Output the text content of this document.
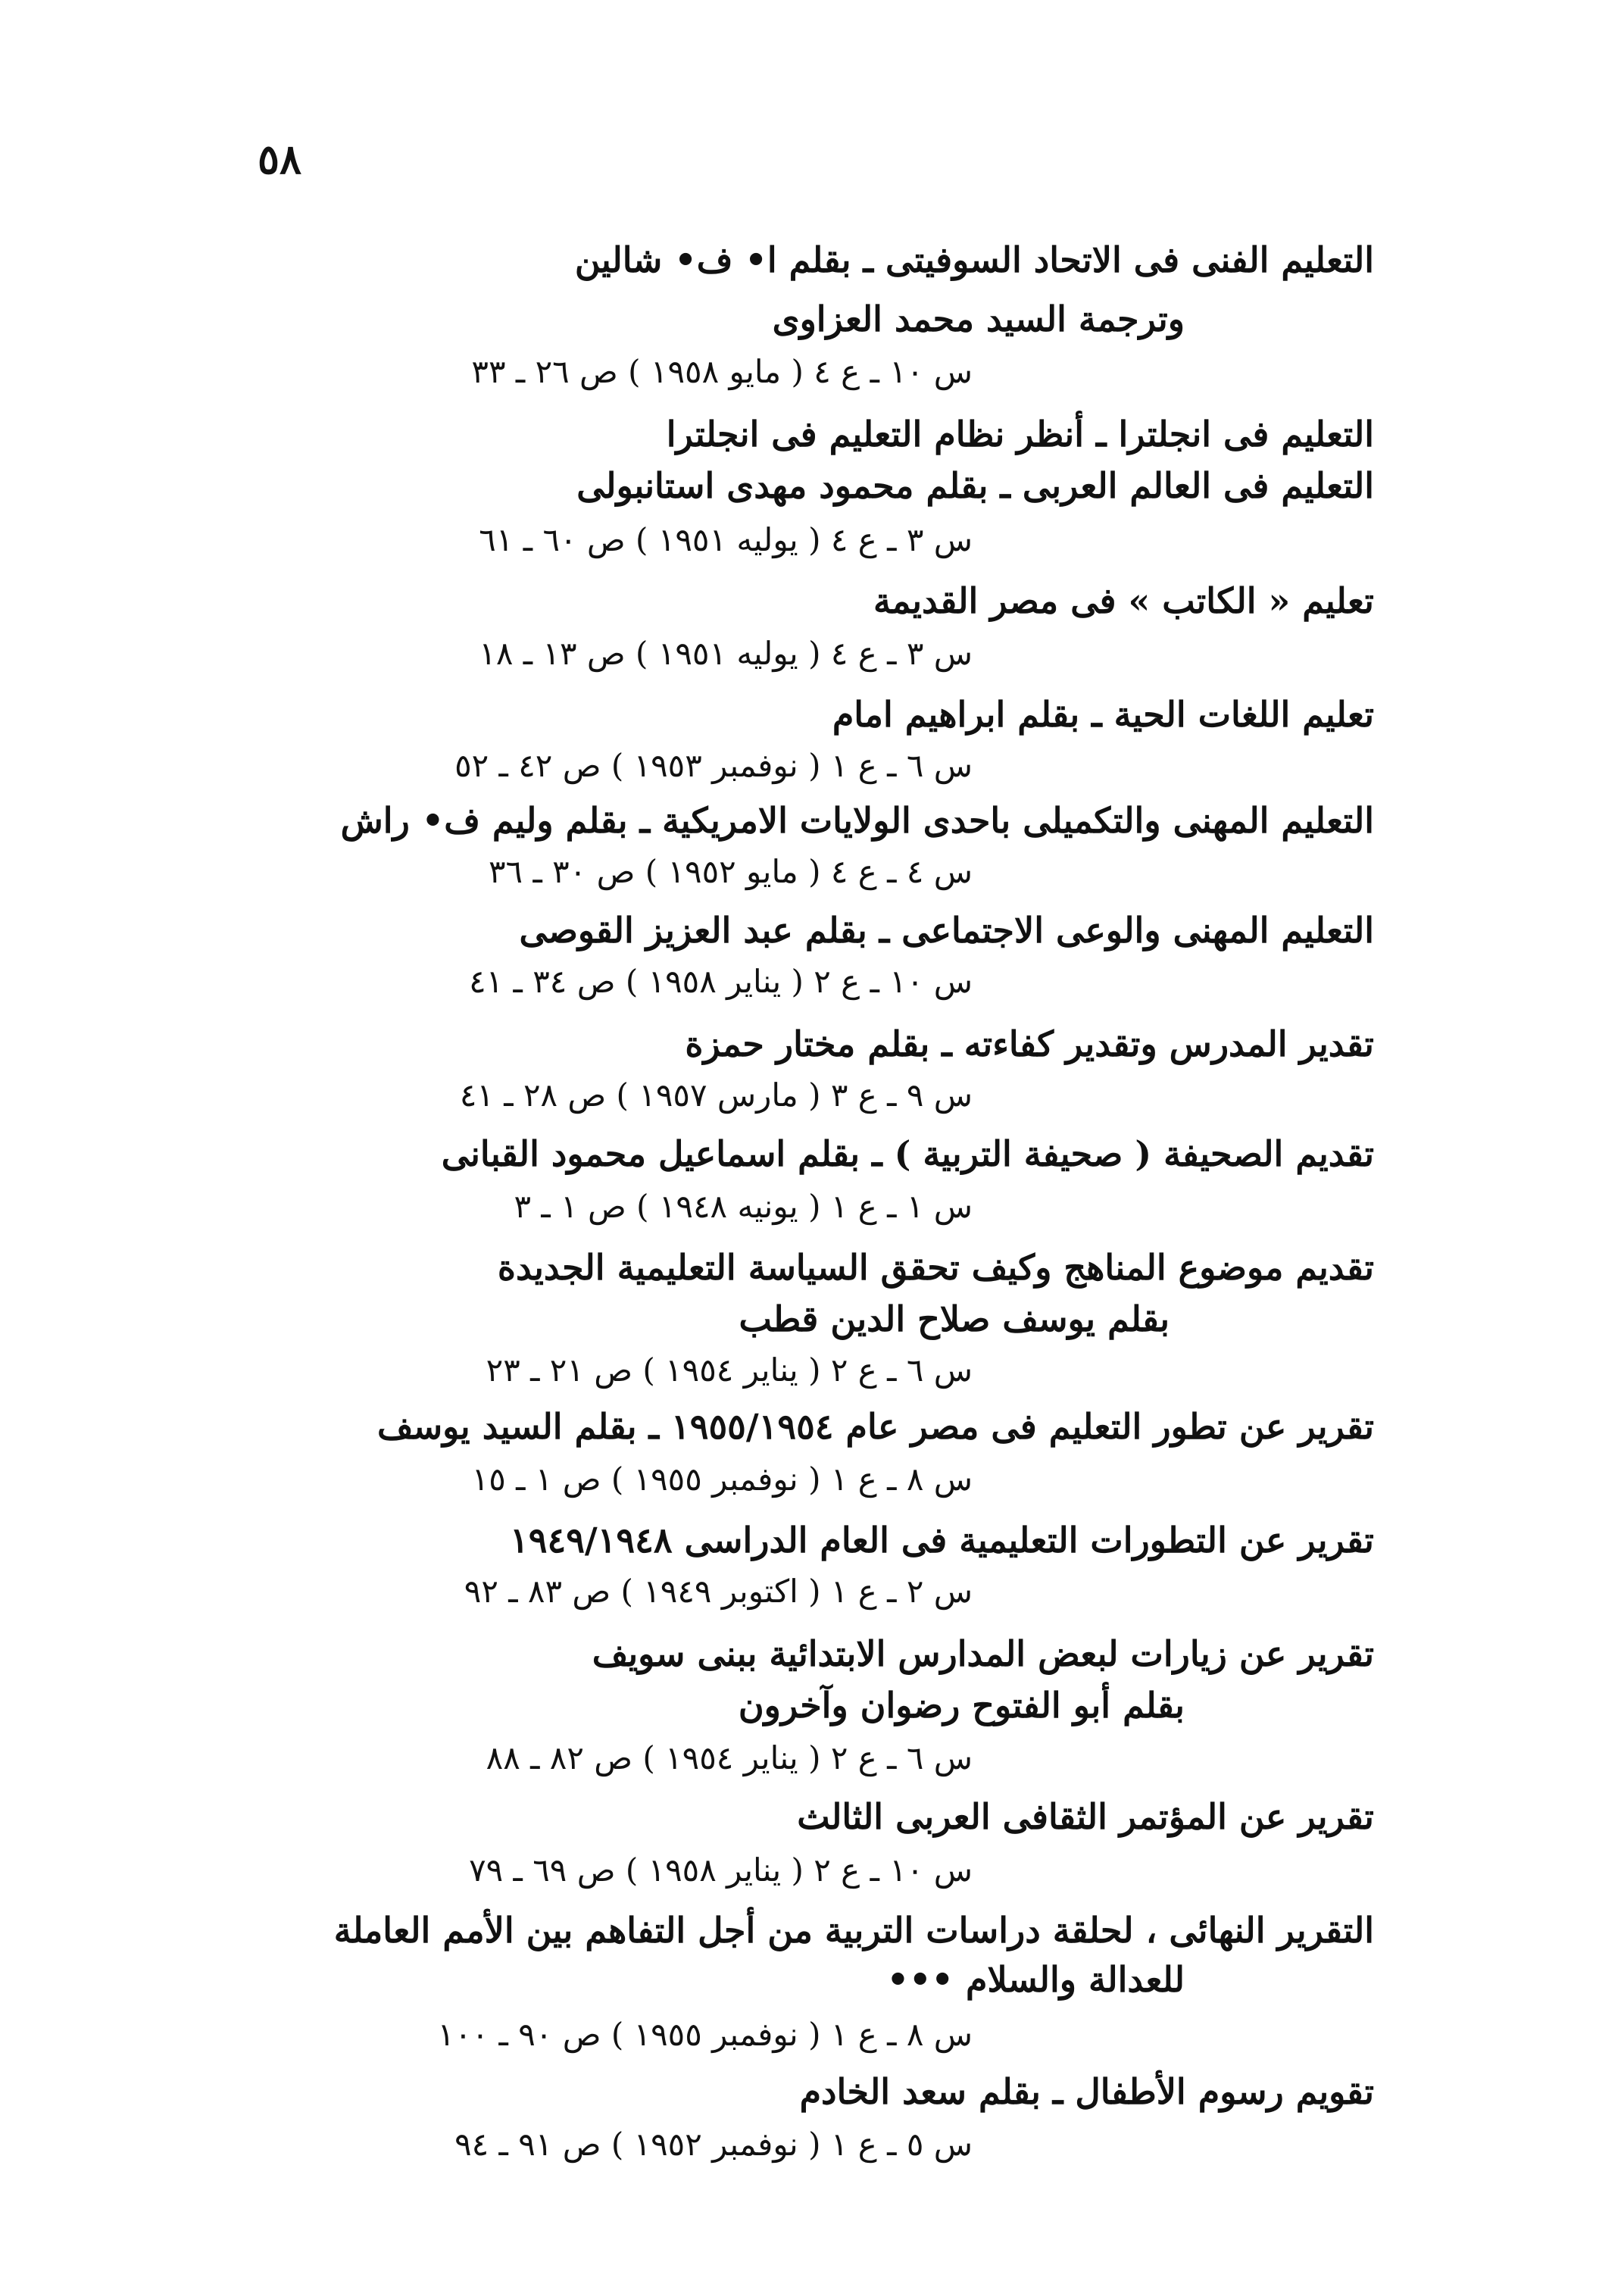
٥٨
التعليم الفنى فى الاتحاد السوفيتى ـ بقلم ا• ف• شالين
وترجمة السيد محمد العزاوى
س ١٠ ـ ع ٤ ( مايو ١٩٥٨ ) ص ٢٦ ـ ٣٣
التعليم فى انجلترا ـ أنظر نظام التعليم فى انجلترا
التعليم فى العالم العربى ـ بقلم محمود مهدى استانبولى
س ٣ ـ ع ٤ ( يوليه ١٩٥١ ) ص ٦٠ ـ ٦١
تعليم « الكاتب » فى مصر القديمة
س ٣ ـ ع ٤ ( يوليه ١٩٥١ ) ص ١٣ ـ ١٨
تعليم اللغات الحية ـ بقلم ابراهيم امام
س ٦ ـ ع ١ ( نوفمبر ١٩٥٣ ) ص ٤٢ ـ ٥٢
التعليم المهنى والتكميلى باحدى الولايات الامريكية ـ بقلم وليم ف• راش
س ٤ ـ ع ٤ ( مايو ١٩٥٢ ) ص ٣٠ ـ ٣٦
التعليم المهنى والوعى الاجتماعى ـ بقلم عبد العزيز القوصى
س ١٠ ـ ع ٢ ( يناير ١٩٥٨ ) ص ٣٤ ـ ٤١
تقدير المدرس وتقدير كفاءته ـ بقلم مختار حمزة
س ٩ ـ ع ٣ ( مارس ١٩٥٧ ) ص ٢٨ ـ ٤١
تقديم الصحيفة ( صحيفة التربية ) ـ بقلم اسماعيل محمود القبانى
س ١ ـ ع ١ ( يونيه ١٩٤٨ ) ص ١ ـ ٣
تقديم موضوع المناهج وكيف تحقق السياسة التعليمية الجديدة
بقلم يوسف صلاح الدين قطب
س ٦ ـ ع ٢ ( يناير ١٩٥٤ ) ص ٢١ ـ ٢٣
تقرير عن تطور التعليم فى مصر عام ١٩٥٥/١٩٥٤ ـ بقلم السيد يوسف
س ٨ ـ ع ١ ( نوفمبر ١٩٥٥ ) ص ١ ـ ١٥
تقرير عن التطورات التعليمية فى العام الدراسى ١٩٤٩/١٩٤٨
س ٢ ـ ع ١ ( اكتوبر ١٩٤٩ ) ص ٨٣ ـ ٩٢
تقرير عن زيارات لبعض المدارس الابتدائية ببنى سويف
بقلم أبو الفتوح رضوان وآخرون
س ٦ ـ ع ٢ ( يناير ١٩٥٤ ) ص ٨٢ ـ ٨٨
تقرير عن المؤتمر الثقافى العربى الثالث
س ١٠ ـ ع ٢ ( يناير ١٩٥٨ ) ص ٦٩ ـ ٧٩
التقرير النهائى ، لحلقة دراسات التربية من أجل التفاهم بين الأمم العاملة
للعدالة والسلام •••
س ٨ ـ ع ١ ( نوفمبر ١٩٥٥ ) ص ٩٠ ـ ١٠٠
تقويم رسوم الأطفال ـ بقلم سعد الخادم
س ٥ ـ ع ١ ( نوفمبر ١٩٥٢ ) ص ٩١ ـ ٩٤
